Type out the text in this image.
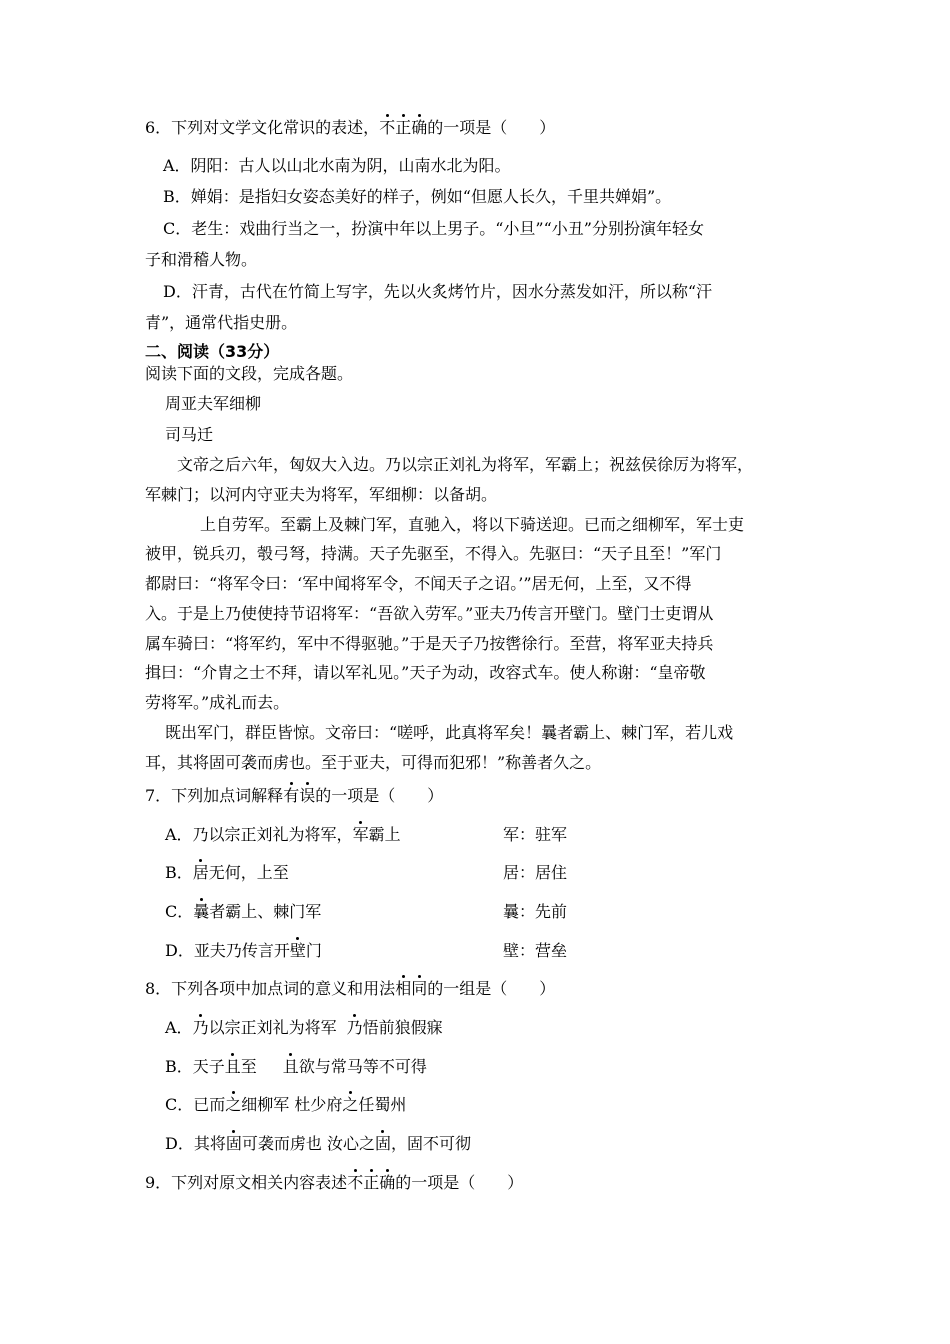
6．下列对文学文化常识的表述，不正确的一项是（　　）
A．阴阳：古人以山北水南为阴，山南水北为阳。
B．婵娟：是指妇女姿态美好的样子，例如“但愿人长久，千里共婵娟”。
C．老生：戏曲行当之一，扮演中年以上男子。“小旦”“小丑”分别扮演年轻女
子和滑稽人物。
D．汗青，古代在竹简上写字，先以火炙烤竹片，因水分蒸发如汗，所以称“汗
青”，通常代指史册。
二、阅读（33分）
阅读下面的文段，完成各题。
周亚夫军细柳
司马迁
文帝之后六年，匈奴大入边。乃以宗正刘礼为将军，军霸上；祝兹侯徐厉为将军，
军棘门；以河内守亚夫为将军，军细柳：以备胡。
上自劳军。至霸上及棘门军，直驰入，将以下骑送迎。已而之细柳军，军士吏
被甲，锐兵刃，彀弓弩，持满。天子先驱至，不得入。先驱曰：“天子且至！”军门
都尉曰：“将军令曰：‘军中闻将军令，不闻天子之诏。’”居无何，上至，又不得
入。于是上乃使使持节诏将军：“吾欲入劳军。”亚夫乃传言开壁门。壁门士吏谓从
属车骑曰：“将军约，军中不得驱驰。”于是天子乃按辔徐行。至营，将军亚夫持兵
揖曰：“介胄之士不拜，请以军礼见。”天子为动，改容式车。使人称谢：“皇帝敬
劳将军。”成礼而去。
既出军门，群臣皆惊。文帝曰：“嗟呼，此真将军矣！曩者霸上、棘门军，若儿戏
耳，其将固可袭而虏也。至于亚夫，可得而犯邪！”称善者久之。
7．下列加点词解释有误的一项是（　　）
A．乃以宗正刘礼为将军，军霸上	军：驻军
B．居无何，上至	居：居住
C．曩者霸上、棘门军	曩：先前
D．亚夫乃传言开壁门	壁：营垒
8．下列各项中加点词的意义和用法相同的一组是（　　）
A．乃以宗正刘礼为将军 乃悟前狼假寐
B．天子且至 且欲与常马等不可得
C．已而之细柳军 杜少府之任蜀州
D．其将固可袭而虏也 汝心之固，固不可彻
9．下列对原文相关内容表述不正确的一项是（　　）
